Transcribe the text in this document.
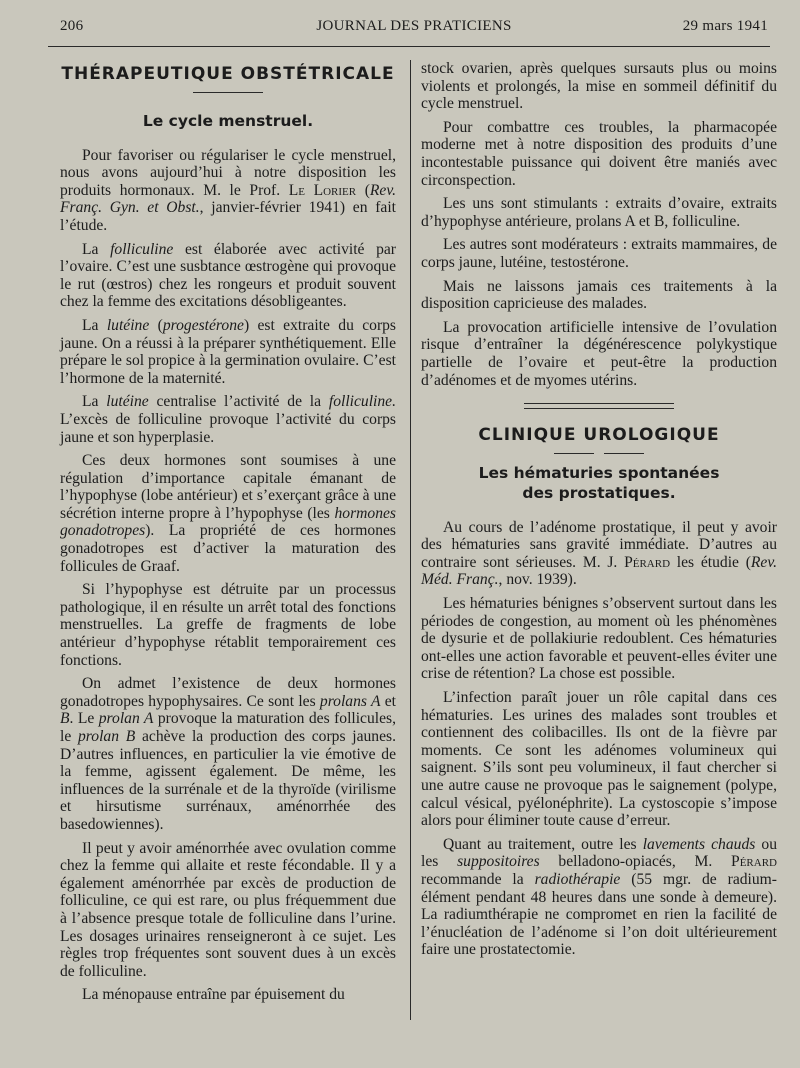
206	JOURNAL DES PRATICIENS	29 mars 1941
THÉRAPEUTIQUE OBSTÉTRICALE
Le cycle menstruel.

Pour favoriser ou régulariser le cycle menstruel, nous avons aujourd’hui à notre disposition les produits hormonaux. M. le Prof. Le Lorier (Rev. Franç. Gyn. et Obst., janvier-février 1941) en fait l’étude.

La folliculine est élaborée avec activité par l’ovaire. C’est une susbtance œstrogène qui provoque le rut (œstros) chez les rongeurs et produit souvent chez la femme des excitations désobligeantes.

La lutéine (progestérone) est extraite du corps jaune. On a réussi à la préparer synthétiquement. Elle prépare le sol propice à la germination ovulaire. C’est l’hormone de la maternité.

La lutéine centralise l’activité de la folliculine. L’excès de folliculine provoque l’activité du corps jaune et son hyperplasie.

Ces deux hormones sont soumises à une régulation d’importance capitale émanant de l’hypophyse (lobe antérieur) et s’exerçant grâce à une sécrétion interne propre à l’hypophyse (les hormones gonadotropes). La propriété de ces hormones gonadotropes est d’activer la maturation des follicules de Graaf.

Si l’hypophyse est détruite par un processus pathologique, il en résulte un arrêt total des fonctions menstruelles. La greffe de fragments de lobe antérieur d’hypophyse rétablit temporairement ces fonctions.

On admet l’existence de deux hormones gonadotropes hypophysaires. Ce sont les prolans A et B. Le prolan A provoque la maturation des follicules, le prolan B achève la production des corps jaunes. D’autres influences, en particulier la vie émotive de la femme, agissent également. De même, les influences de la surrénale et de la thyroïde (virilisme et hirsutisme surrénaux, aménorrhée des basedowiennes).

Il peut y avoir aménorrhée avec ovulation comme chez la femme qui allaite et reste fécondable. Il y a également aménorrhée par excès de production de folliculine, ce qui est rare, ou plus fréquemment due à l’absence presque totale de folliculine dans l’urine. Les dosages urinaires renseigneront à ce sujet. Les règles trop fréquentes sont souvent dues à un excès de folliculine.

La ménopause entraîne par épuisement du

stock ovarien, après quelques sursauts plus ou moins violents et prolongés, la mise en sommeil définitif du cycle menstruel.

Pour combattre ces troubles, la pharmacopée moderne met à notre disposition des produits d’une incontestable puissance qui doivent être maniés avec circonspection.

Les uns sont stimulants : extraits d’ovaire, extraits d’hypophyse antérieure, prolans A et B, folliculine.

Les autres sont modérateurs : extraits mammaires, de corps jaune, lutéine, testostérone.

Mais ne laissons jamais ces traitements à la disposition capricieuse des malades.

La provocation artificielle intensive de l’ovulation risque d’entraîner la dégénérescence polykystique partielle de l’ovaire et peut-être la production d’adénomes et de myomes utérins.

CLINIQUE UROLOGIQUE
Les hématuries spontanées
des prostatiques.

Au cours de l’adénome prostatique, il peut y avoir des hématuries sans gravité immédiate. D’autres au contraire sont sérieuses. M. J. Pérard les étudie (Rev. Méd. Franç., nov. 1939).

Les hématuries bénignes s’observent surtout dans les périodes de congestion, au moment où les phénomènes de dysurie et de pollakiurie redoublent. Ces hématuries ont-elles une action favorable et peuvent-elles éviter une crise de rétention? La chose est possible.

L’infection paraît jouer un rôle capital dans ces hématuries. Les urines des malades sont troubles et contiennent des colibacilles. Ils ont de la fièvre par moments. Ce sont les adénomes volumineux qui saignent. S’ils sont peu volumineux, il faut chercher si une autre cause ne provoque pas le saignement (polype, calcul vésical, pyélonéphrite). La cystoscopie s’impose alors pour éliminer toute cause d’erreur.

Quant au traitement, outre les lavements chauds ou les suppositoires belladono-opiacés, M. Pérard recommande la radiothérapie (55 mgr. de radium-élément pendant 48 heures dans une sonde à demeure). La radiumthérapie ne compromet en rien la facilité de l’énucléation de l’adénome si l’on doit ultérieurement faire une prostatectomie.
